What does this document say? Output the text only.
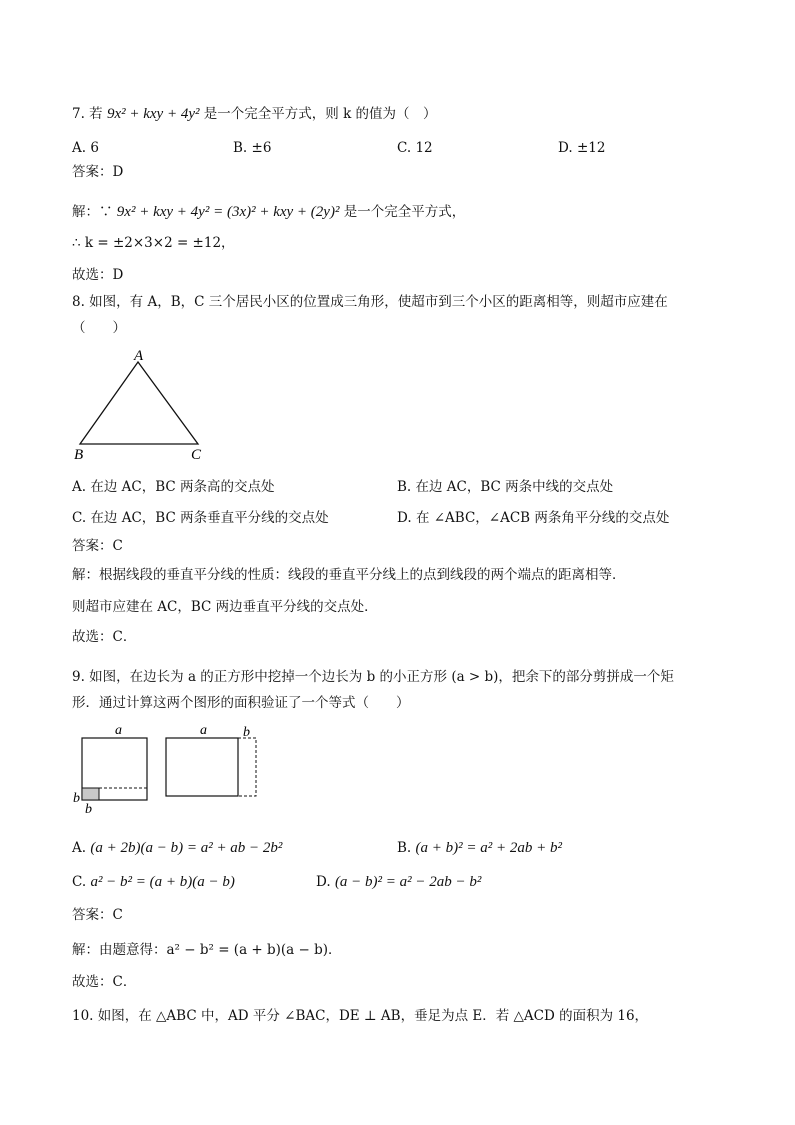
7. 若 9x² + kxy + 4y² 是一个完全平方式，则 k 的值为（　）
A. 6	B. ±6	C. 12	D. ±12
答案：D
解：∵ 9x² + kxy + 4y² = (3x)² + kxy + (2y)² 是一个完全平方式，
∴ k = ±2×3×2 = ±12，
故选：D
8. 如图，有 A，B，C 三个居民小区的位置成三角形，使超市到三个小区的距离相等，则超市应建在
（　　）
A
B	C
A. 在边 AC，BC 两条高的交点处	B. 在边 AC，BC 两条中线的交点处
C. 在边 AC，BC 两条垂直平分线的交点处	D. 在 ∠ABC，∠ACB 两条角平分线的交点处
答案：C
解：根据线段的垂直平分线的性质：线段的垂直平分线上的点到线段的两个端点的距离相等．
则超市应建在 AC，BC 两边垂直平分线的交点处．
故选：C．
9. 如图，在边长为 a 的正方形中挖掉一个边长为 b 的小正方形 (a > b)，把余下的部分剪拼成一个矩
形．通过计算这两个图形的面积验证了一个等式（　　）
a
b
b
a	b
A. (a + 2b)(a − b) = a² + ab − 2b²	B. (a + b)² = a² + 2ab + b²
C. a² − b² = (a + b)(a − b)	D. (a − b)² = a² − 2ab − b²
答案：C
解：由题意得：a² − b² = (a + b)(a − b)．
故选：C．
10. 如图，在 △ABC 中，AD 平分 ∠BAC，DE ⊥ AB，垂足为点 E．若 △ACD 的面积为 16，
